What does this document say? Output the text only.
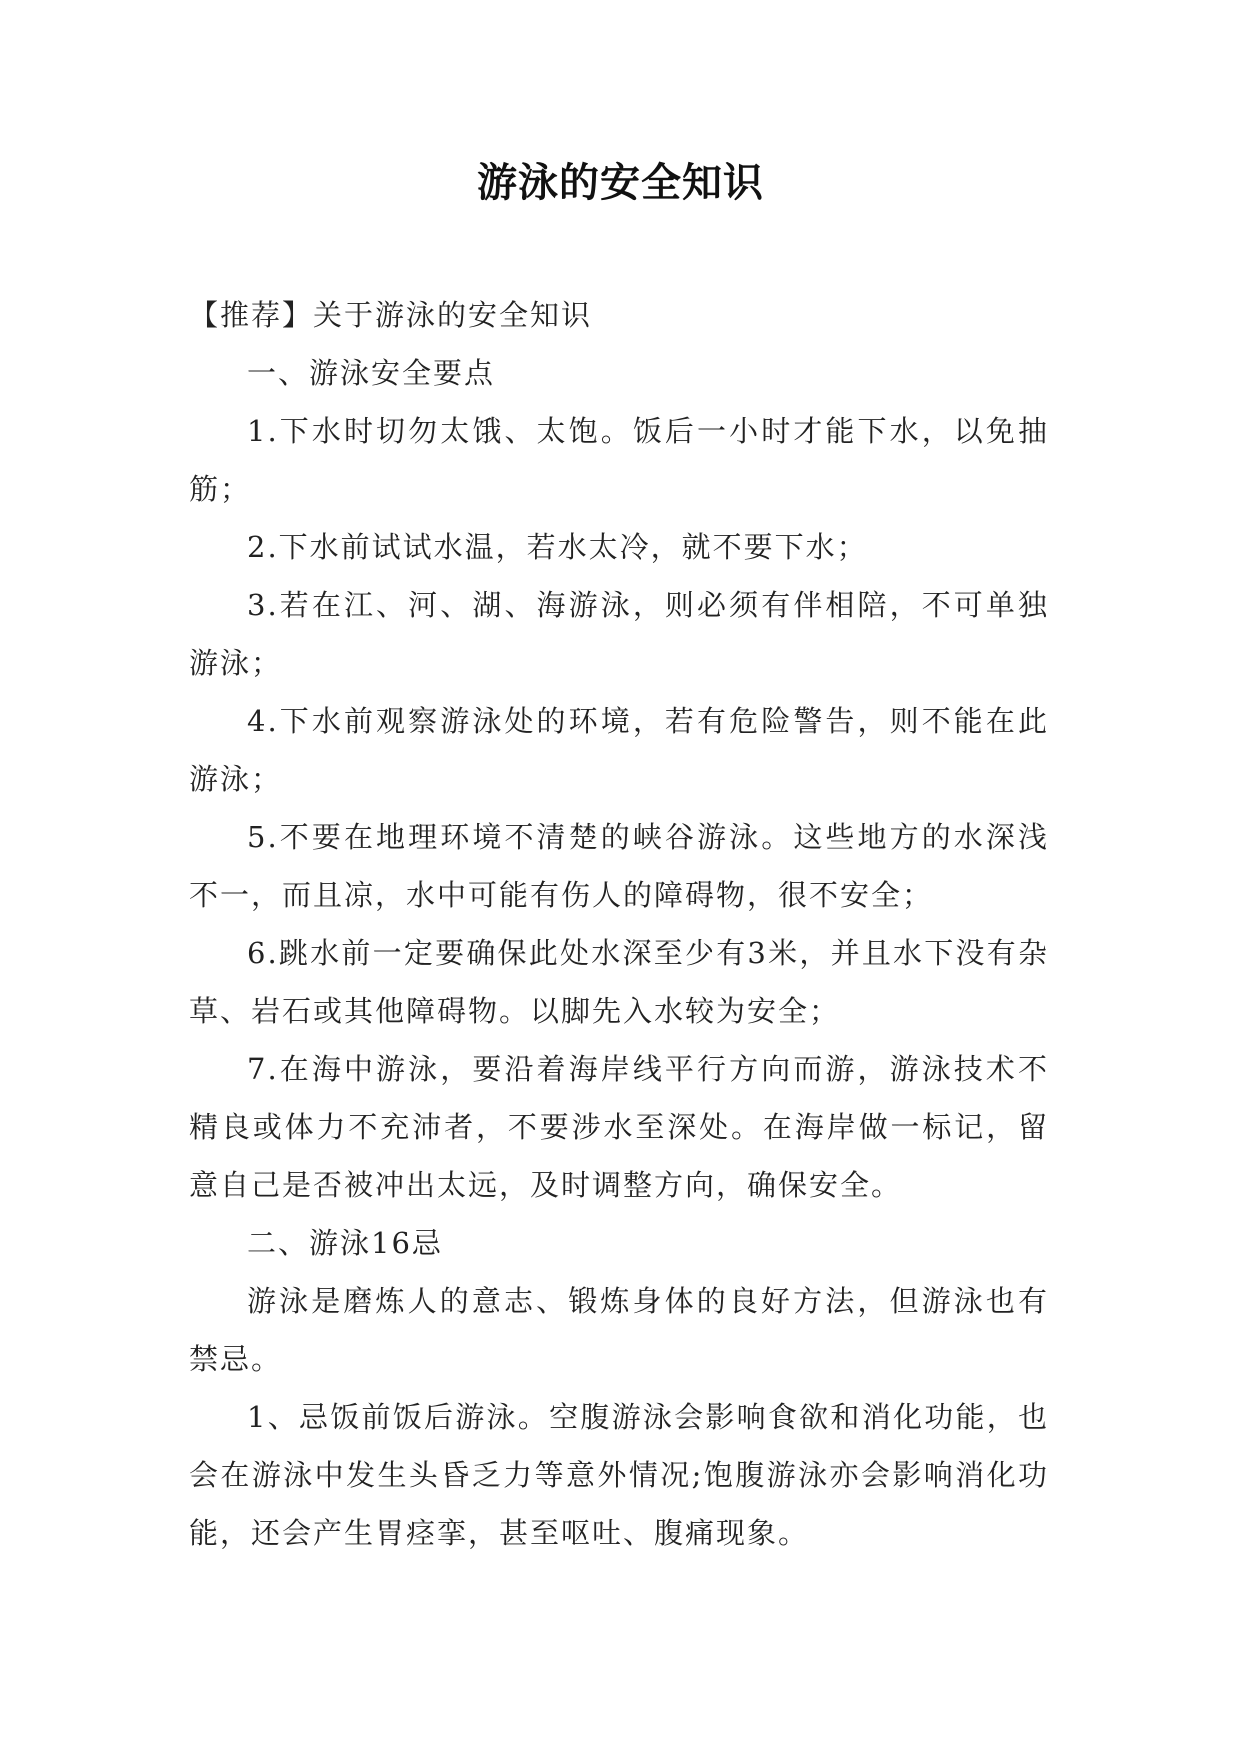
游泳的安全知识

【推荐】关于游泳的安全知识

一、游泳安全要点

1.下水时切勿太饿、太饱。饭后一小时才能下水，以免抽筋；

2.下水前试试水温，若水太冷，就不要下水；

3.若在江、河、湖、海游泳，则必须有伴相陪，不可单独游泳；

4.下水前观察游泳处的环境，若有危险警告，则不能在此游泳；

5.不要在地理环境不清楚的峡谷游泳。这些地方的水深浅不一，而且凉，水中可能有伤人的障碍物，很不安全；

6.跳水前一定要确保此处水深至少有3米，并且水下没有杂草、岩石或其他障碍物。以脚先入水较为安全；

7.在海中游泳，要沿着海岸线平行方向而游，游泳技术不精良或体力不充沛者，不要涉水至深处。在海岸做一标记，留意自己是否被冲出太远，及时调整方向，确保安全。

二、游泳16忌

游泳是磨炼人的意志、锻炼身体的良好方法，但游泳也有禁忌。

1、忌饭前饭后游泳。空腹游泳会影响食欲和消化功能，也会在游泳中发生头昏乏力等意外情况;饱腹游泳亦会影响消化功能，还会产生胃痉挛，甚至呕吐、腹痛现象。
